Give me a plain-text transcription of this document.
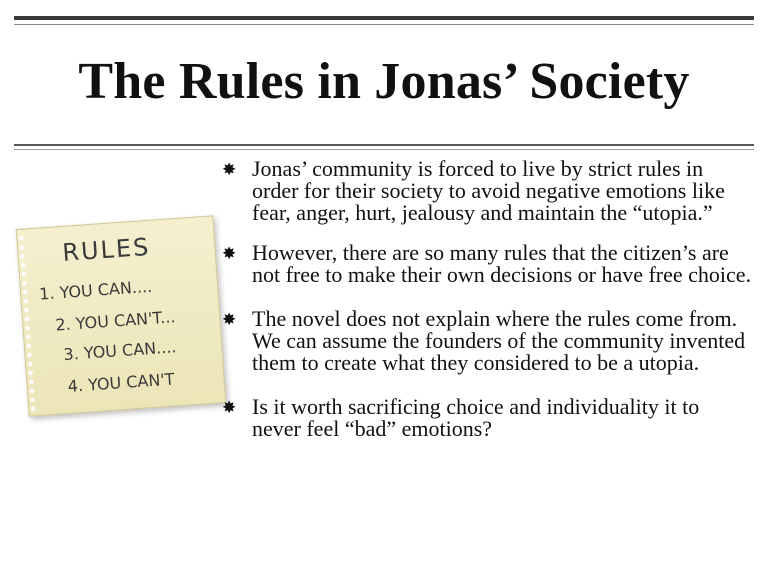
The Rules in Jonas’ Society
RULES
1. YOU CAN....
2. YOU CAN'T...
3. YOU CAN....
4. YOU CAN'T
✸ Jonas’ community is forced to live by strict rules in order for their society to avoid negative emotions like fear, anger, hurt, jealousy and maintain the “utopia.”
✸ However, there are so many rules that the citizen’s are not free to make their own decisions or have free choice.
✸ The novel does not explain where the rules come from. We can assume the founders of the community invented them to create what they considered to be a utopia.
✸ Is it worth sacrificing choice and individuality it to never feel “bad” emotions?
